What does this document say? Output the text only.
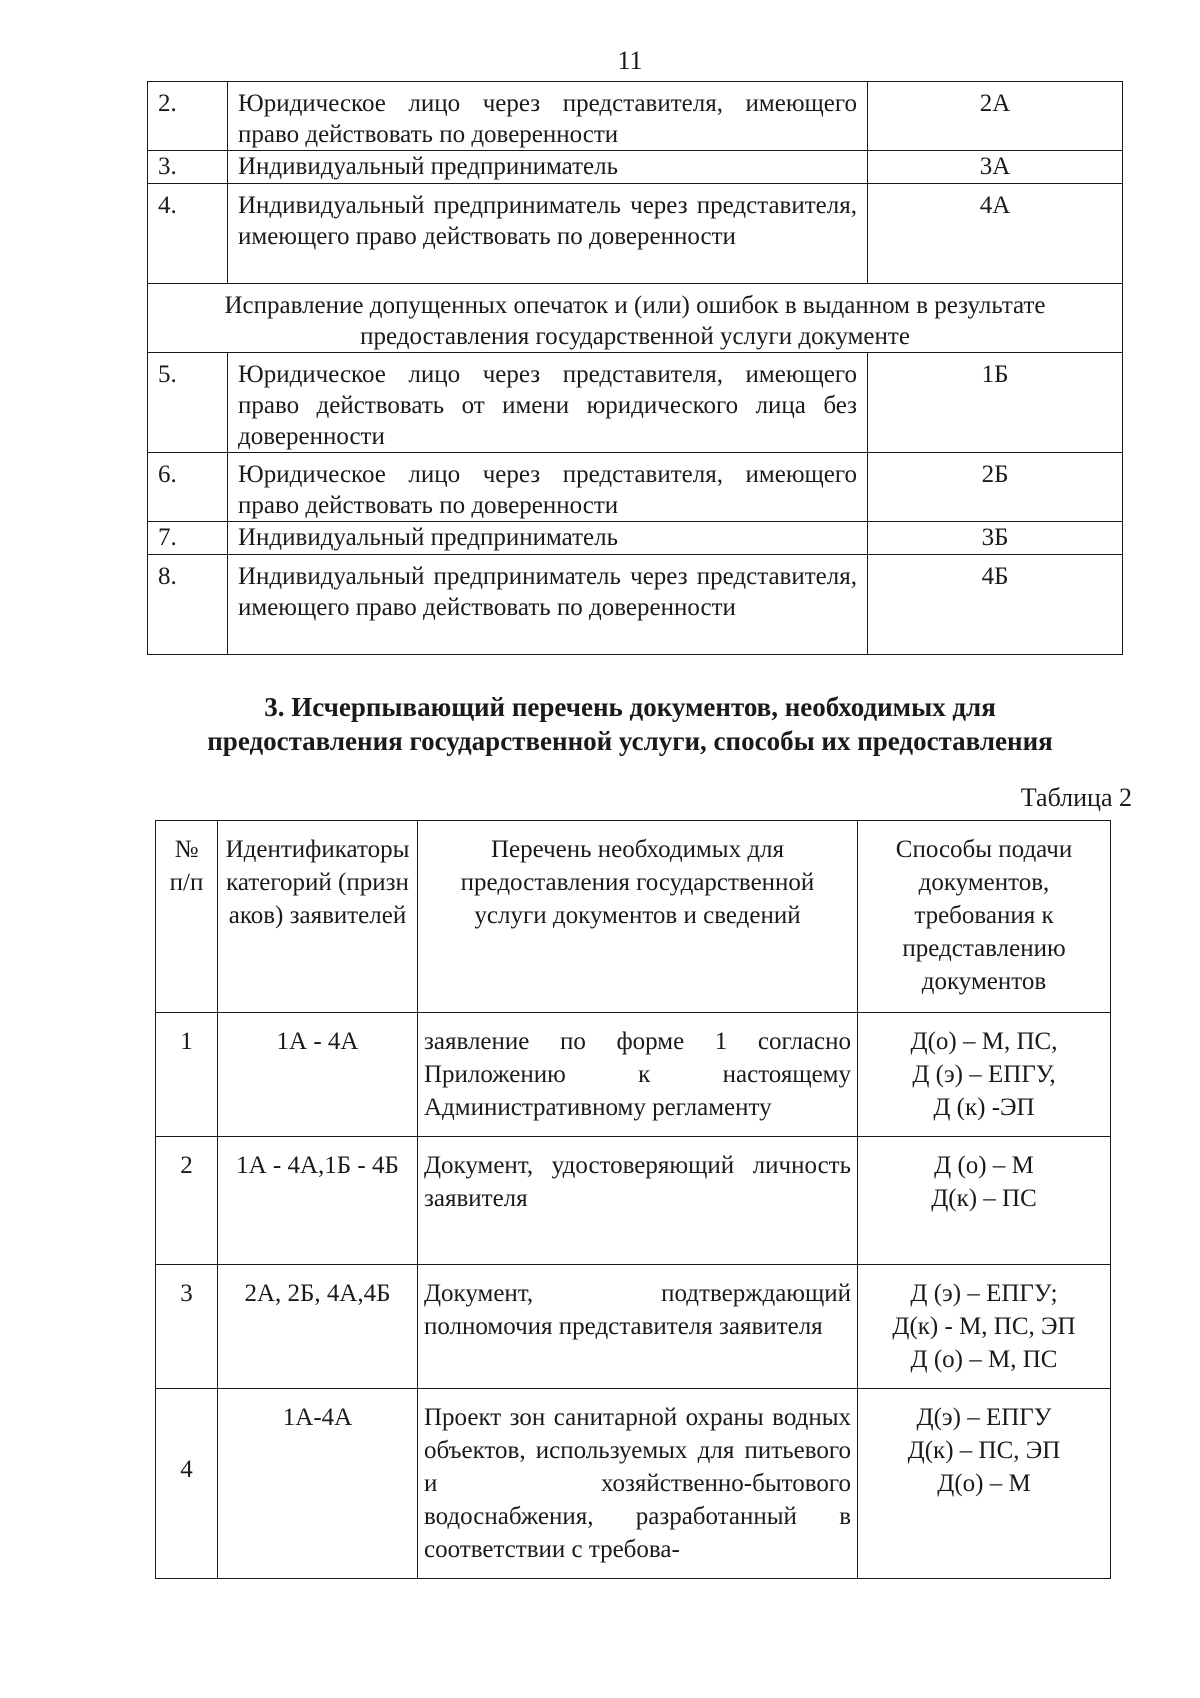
11
2.	Юридическое лицо через представителя, имеющего право действовать по доверенности	2А
3.	Индивидуальный предприниматель	3А
4.	Индивидуальный предприниматель через представителя, имеющего право действовать по доверенности	4А
Исправление допущенных опечаток и (или) ошибок в выданном в результате предоставления государственной услуги документе		
5.	Юридическое лицо через представителя, имеющего право действовать от имени юридического лица без доверенности	1Б
6.	Юридическое лицо через представителя, имеющего право действовать по доверенности	2Б
7.	Индивидуальный предприниматель	3Б
8.	Индивидуальный предприниматель через представителя, имеющего право действовать по доверенности	4Б
3. Исчерпывающий перечень документов, необходимых для
предоставления государственной услуги, способы их предоставления
Таблица 2
№ п/п	Идентификаторы категорий (признаков) заявителей	Перечень необходимых для предоставления государственной услуги документов и сведений	Способы подачи документов, требования к представлению документов
1	1А - 4А	заявление по форме 1 согласно Приложению к настоящему Административному регламенту	Д(о) – М, ПС,
Д (э) – ЕПГУ,
Д (к) -ЭП

2	1А - 4А,1Б - 4Б	Документ, удостоверяющий личность заявителя	Д (о) – М
Д(к) – ПС

3	2А, 2Б, 4А,4Б	Документ, подтверждающий полномочия представителя заявителя	Д (э) – ЕПГУ;
Д(к) - М, ПС, ЭП
Д (о) – М, ПС

4	1А-4А	Проект зон санитарной охраны водных объектов, используемых для питьевого и хозяйственно-бытового водоснабжения, разработанный в соответствии с требова-	Д(э) – ЕПГУ
Д(к) – ПС, ЭП
Д(о) – М
